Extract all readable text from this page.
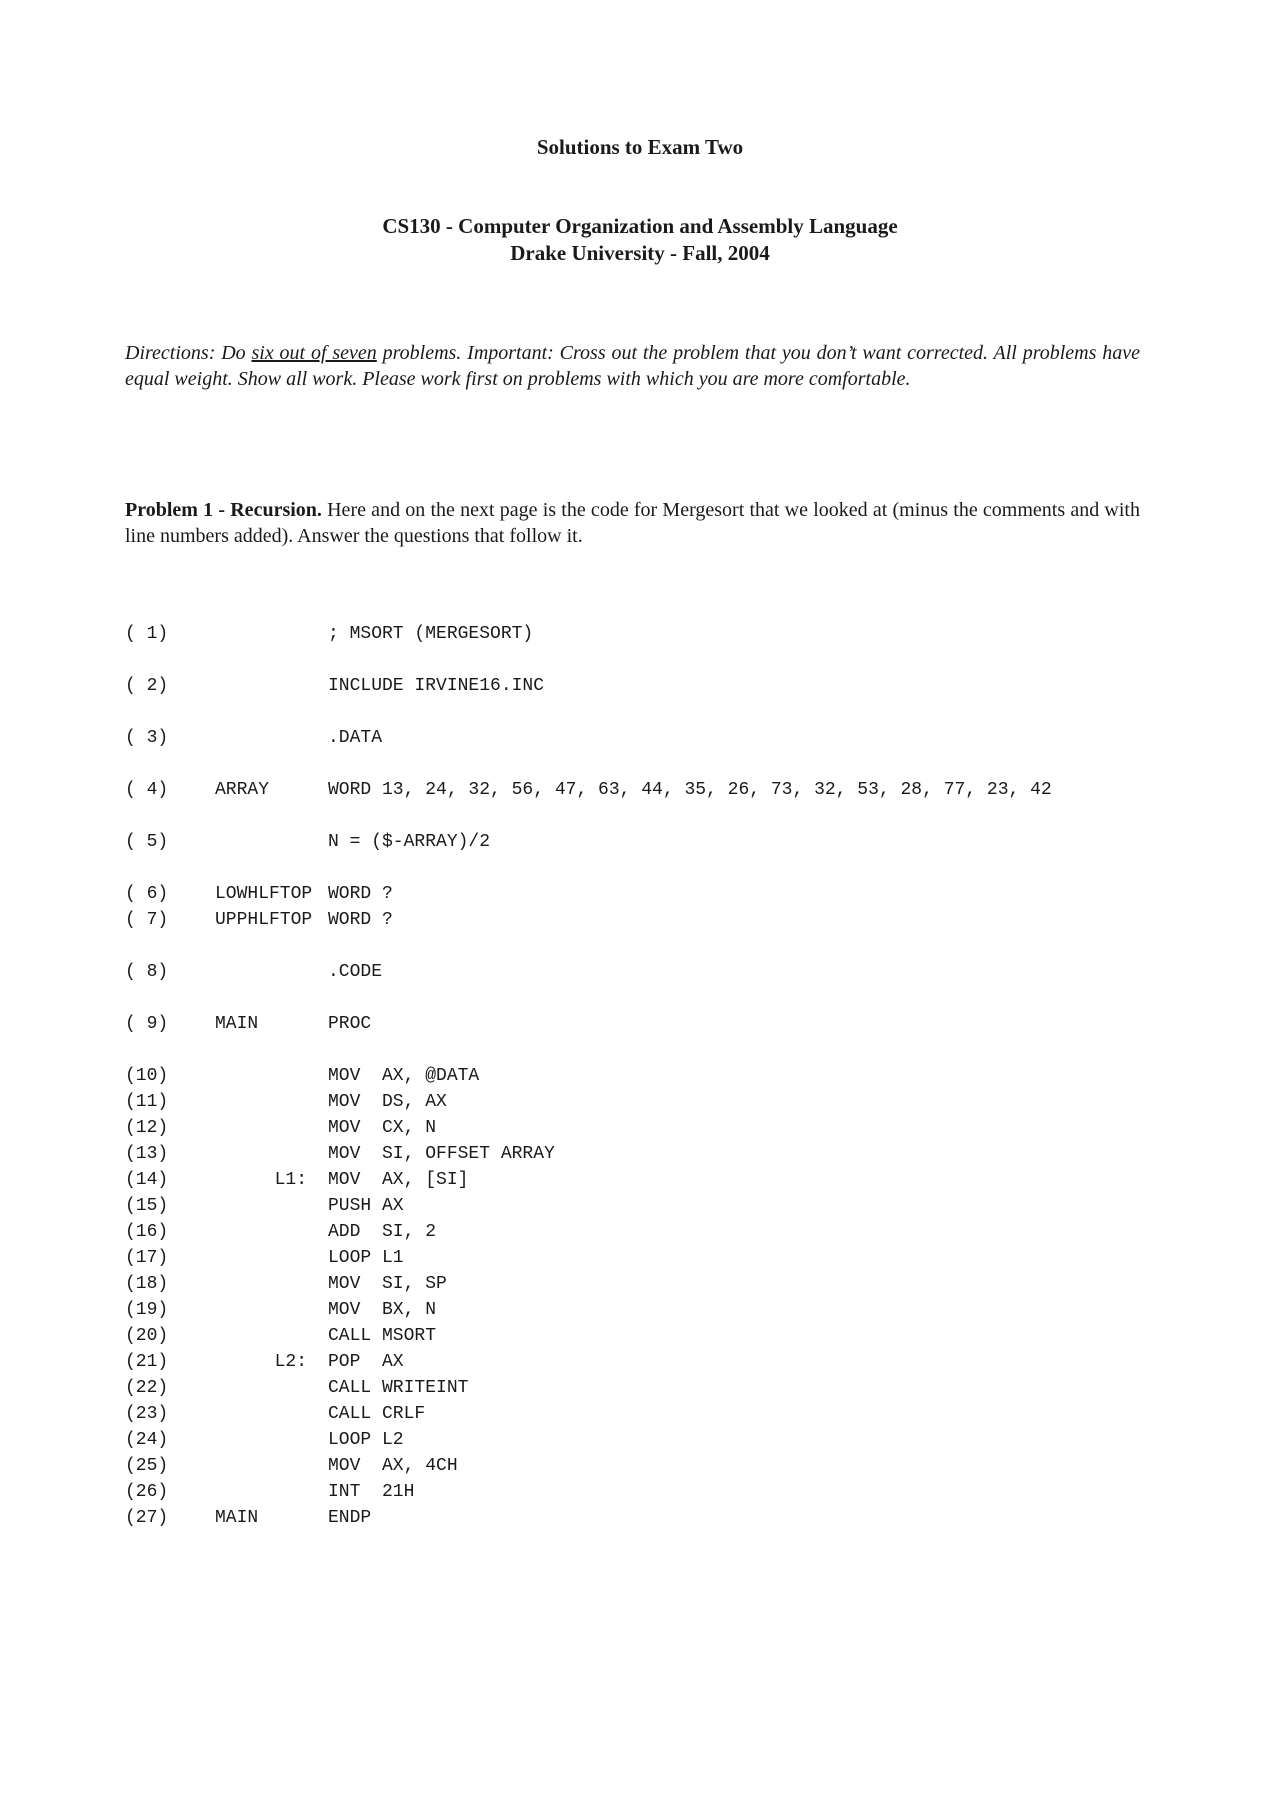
Solutions to Exam Two
CS130 - Computer Organization and Assembly Language
Drake University - Fall, 2004
Directions: Do six out of seven problems. Important: Cross out the problem that you don’t want corrected. All problems have equal weight. Show all work. Please work first on problems with which you are more comfortable.
Problem 1 - Recursion. Here and on the next page is the code for Mergesort that we looked at (minus the comments and with line numbers added). Answer the questions that follow it.
( 1)	; MSORT (MERGESORT)
( 2)	INCLUDE IRVINE16.INC
( 3)	.DATA
( 4)	ARRAY	WORD 13, 24, 32, 56, 47, 63, 44, 35, 26, 73, 32, 53, 28, 77, 23, 42
( 5)	N = ($-ARRAY)/2
( 6)	LOWHLFTOP WORD ?
( 7)	UPPHLFTOP WORD ?
( 8)	.CODE
( 9)	MAIN	PROC
(10)	MOV  AX, @DATA
(11)	MOV  DS, AX
(12)	MOV  CX, N
(13)	MOV  SI, OFFSET ARRAY
(14)	L1: MOV  AX, [SI]
(15)	PUSH AX
(16)	ADD  SI, 2
(17)	LOOP L1
(18)	MOV  SI, SP
(19)	MOV  BX, N
(20)	CALL MSORT
(21)	L2: POP  AX
(22)	CALL WRITEINT
(23)	CALL CRLF
(24)	LOOP L2
(25)	MOV  AX, 4CH
(26)	INT  21H
(27)	MAIN	ENDP
